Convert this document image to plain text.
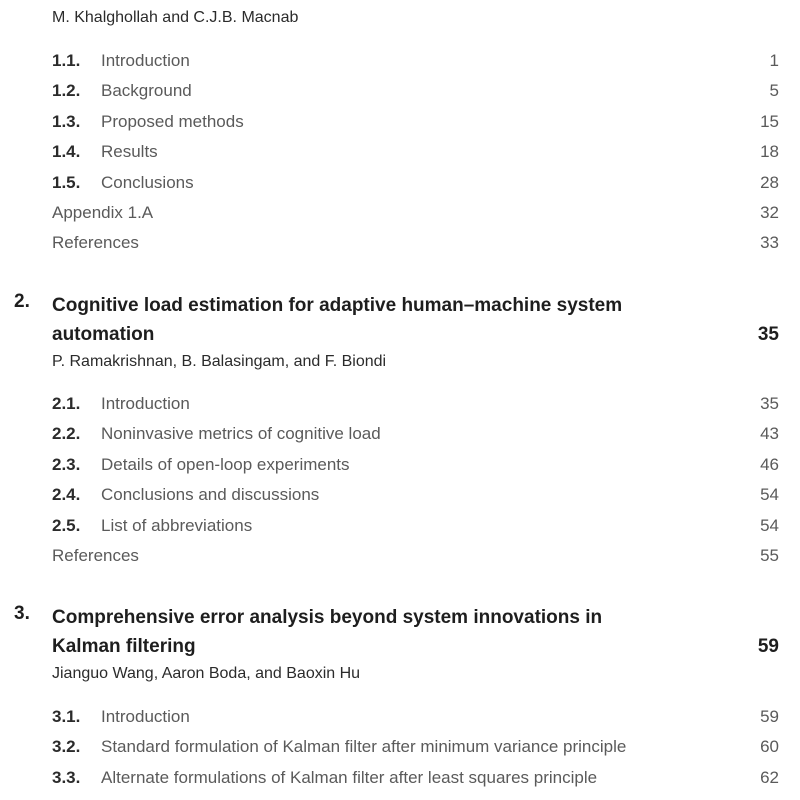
M. Khalghollah and C.J.B. Macnab
1.1. Introduction	1
1.2. Background	5
1.3. Proposed methods	15
1.4. Results	18
1.5. Conclusions	28
Appendix 1.A	32
References	33
2. Cognitive load estimation for adaptive human–machine system
automation	35
P. Ramakrishnan, B. Balasingam, and F. Biondi
2.1. Introduction	35
2.2. Noninvasive metrics of cognitive load	43
2.3. Details of open-loop experiments	46
2.4. Conclusions and discussions	54
2.5. List of abbreviations	54
References	55
3. Comprehensive error analysis beyond system innovations in
Kalman filtering	59
Jianguo Wang, Aaron Boda, and Baoxin Hu
3.1. Introduction	59
3.2. Standard formulation of Kalman filter after minimum variance principle	60
3.3. Alternate formulations of Kalman filter after least squares principle	62
